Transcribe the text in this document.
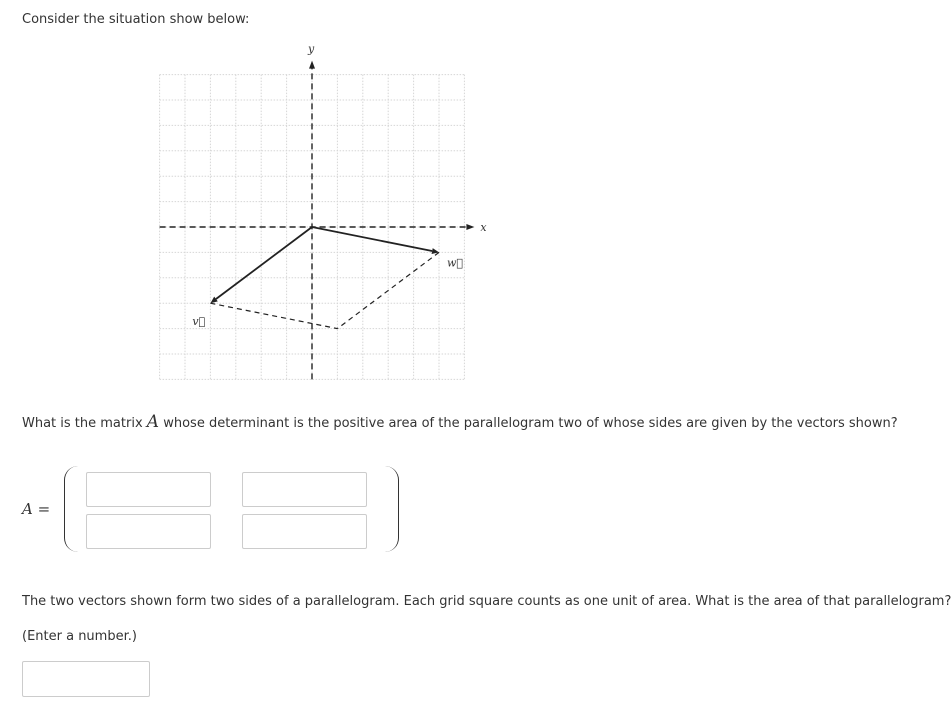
Consider the situation show below:
x
y
v⃗
w⃗
What is the matrix A whose determinant is the positive area of the parallelogram two of whose sides are given by the vectors shown?
A =
The two vectors shown form two sides of a parallelogram. Each grid square counts as one unit of area. What is the area of that parallelogram?
(Enter a number.)
